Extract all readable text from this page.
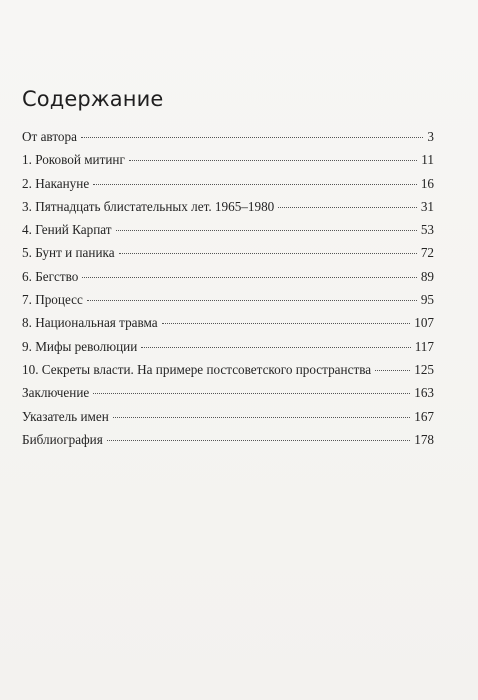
Содержание
От автора	3
1. Роковой митинг	11
2. Накануне	16
3. Пятнадцать блистательных лет. 1965–1980	31
4. Гений Карпат	53
5. Бунт и паника	72
6. Бегство	89
7. Процесс	95
8. Национальная травма	107
9. Мифы революции	117
10. Секреты власти. На примере постсоветского пространства	125
Заключение	163
Указатель имен	167
Библиография	178
